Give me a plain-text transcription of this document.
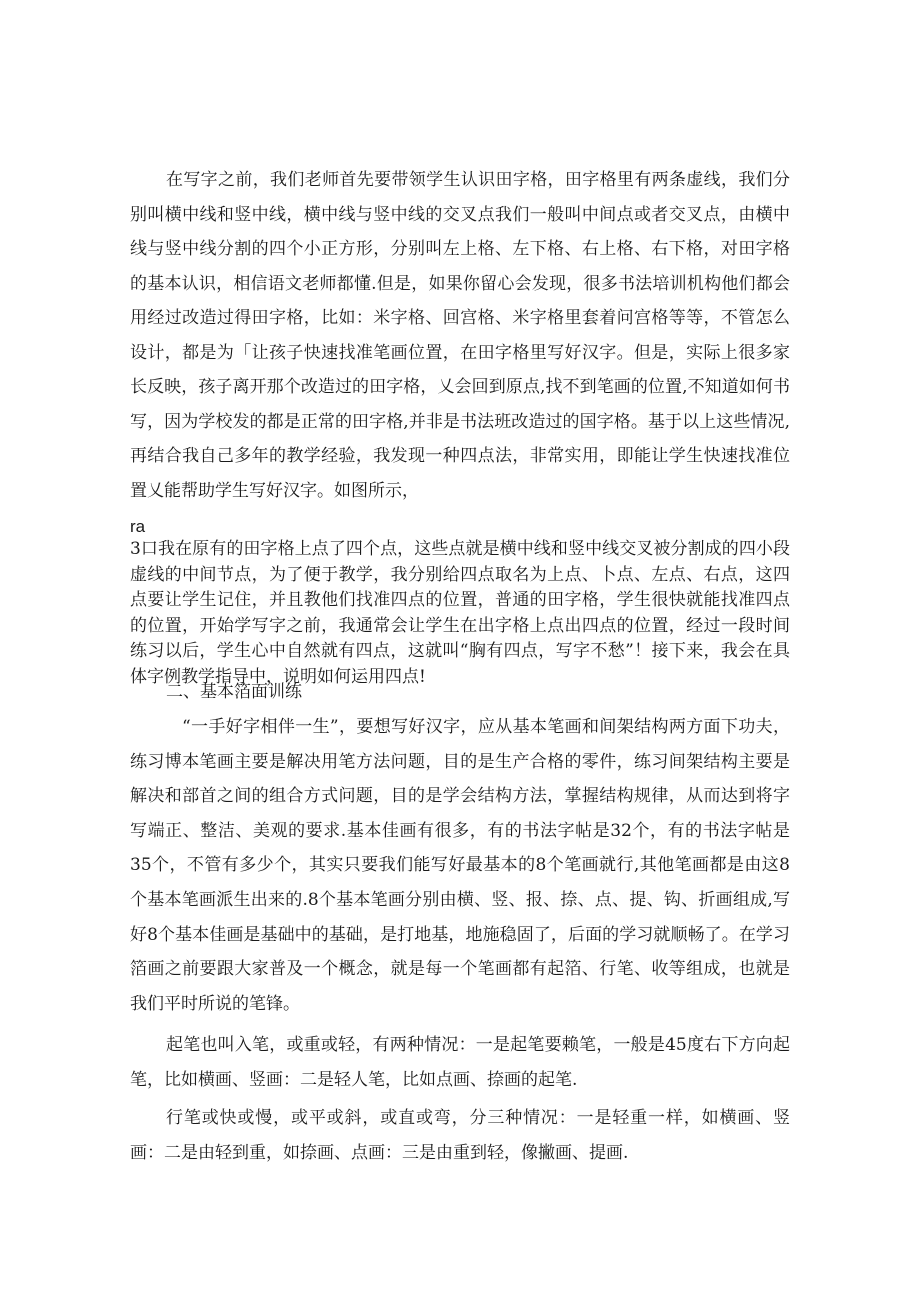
在写字之前，我们老师首先要带领学生认识田字格，田字格里有两条虚线，我们分别叫横中线和竖中线，横中线与竖中线的交叉点我们一般叫中间点或者交叉点，由横中线与竖中线分割的四个小正方形，分别叫左上格、左下格、右上格、右下格，对田字格的基本认识，相信语文老师都懂.但是，如果你留心会发现，很多书法培训机构他们都会用经过改造过得田字格，比如：米字格、回宫格、米字格里套着问宫格等等，不管怎么设计，都是为「让孩子快速找准笔画位置，在田字格里写好汉字。但是，实际上很多家长反映，孩子离开那个改造过的田字格，乂会回到原点,找不到笔画的位置,不知道如何书写，因为学校发的都是正常的田字格,并非是书法班改造过的国字格。基于以上这些情况,再结合我自己多年的教学经验，我发现一种四点法，非常实用，即能让学生快速找准位置乂能帮助学生写好汉字。如图所示，

ra

3口我在原有的田字格上点了四个点，这些点就是横中线和竖中线交叉被分割成的四小段虚线的中间节点，为了便于教学，我分别给四点取名为上点、卜点、左点、右点，这四点要让学生记住，并且教他们找准四点的位置，普通的田字格，学生很快就能找准四点的位置，开始学写字之前，我通常会让学生在出字格上点出四点的位置，经过一段时间练习以后，学生心中自然就有四点，这就叫“胸有四点，写字不愁”！接下来，我会在具体字例教学指导中，说明如何运用四点!

二、基本箔面训练

“一手好字相伴一生”，要想写好汉字，应从基本笔画和间架结构两方面下功夫，练习博本笔画主要是解决用笔方法问题，目的是生产合格的零件，练习间架结构主要是解决和部首之间的组合方式问题，目的是学会结构方法，掌握结构规律，从而达到将字写端正、整洁、美观的要求.基本佳画有很多，有的书法字帖是32个，有的书法字帖是35个，不管有多少个，其实只要我们能写好最基本的8个笔画就行,其他笔画都是由这8个基本笔画派生出来的.8个基本笔画分别由横、竖、报、捺、点、提、钩、折画组成,写好8个基本佳画是基础中的基础，是打地基，地施稳固了，后面的学习就顺畅了。在学习箔画之前要跟大家普及一个概念，就是每一个笔画都有起箔、行笔、收等组成，也就是我们平时所说的笔锋。

起笔也叫入笔，或重或轻，有两种情况：一是起笔要赖笔，一般是45度右下方向起笔，比如横画、竖画：二是轻人笔，比如点画、捺画的起笔.

行笔或快或慢，或平或斜，或直或弯，分三种情况：一是轻重一样，如横画、竖画：二是由轻到重，如捺画、点画：三是由重到轻，像撇画、提画.
